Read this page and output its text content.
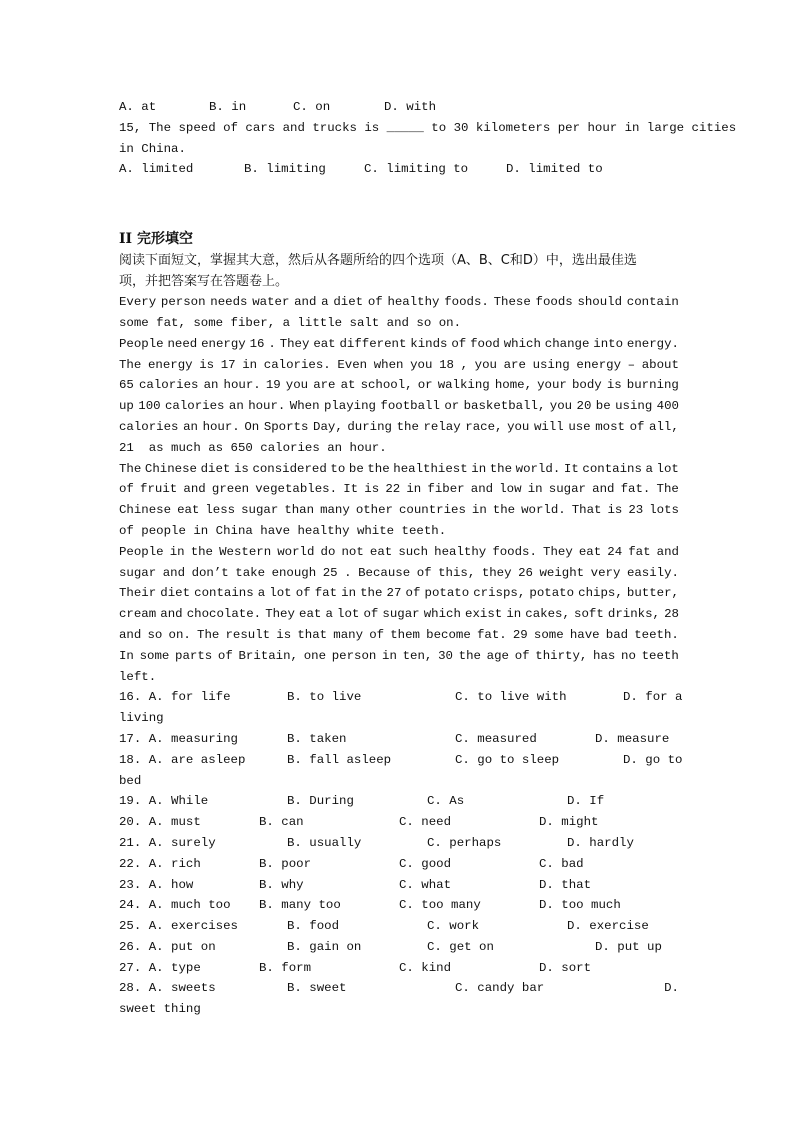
A. at	B. in	C. on	D. with
15, The speed of cars and trucks is _____ to 30 kilometers per hour in large cities
in China.
A. limited	B. limiting	C. limiting to	D. limited to
II 完形填空
阅读下面短文，掌握其大意，然后从各题所给的四个选项（A、B、C和D）中，选出最佳选
项，并把答案写在答题卷上。
Every person needs water and a diet of healthy foods. These foods should contain
some fat, some fiber, a little salt and so on.
People need energy 16 . They eat different kinds of food which change into energy.
The energy is 17 in calories. Even when you 18 , you are using energy – about
65 calories an hour. 19 you are at school, or walking home, your body is burning
up 100 calories an hour. When playing football or basketball, you 20 be using 400
calories an hour. On Sports Day, during the relay race, you will use most of all,
21  as much as 650 calories an hour.
The Chinese diet is considered to be the healthiest in the world. It contains a lot
of fruit and green vegetables. It is 22 in fiber and low in sugar and fat. The
Chinese eat less sugar than many other countries in the world. That is 23 lots
of people in China have healthy white teeth.
People in the Western world do not eat such healthy foods. They eat 24 fat and
sugar and don’t take enough 25 . Because of this, they 26 weight very easily.
Their diet contains a lot of fat in the 27 of potato crisps, potato chips, butter,
cream and chocolate. They eat a lot of sugar which exist in cakes, soft drinks, 28
and so on. The result is that many of them become fat. 29 some have bad teeth.
In some parts of Britain, one person in ten, 30 the age of thirty, has no teeth
left.
16. A. for life	B. to live	C. to live with	D. for a
living
17. A. measuring	B. taken	C. measured	D. measure
18. A. are asleep	B. fall asleep	C. go to sleep	D. go to
bed
19. A. While	B. During	C. As	D. If
20. A. must	B. can	C. need	D. might
21. A. surely	B. usually	C. perhaps	D. hardly
22. A. rich	B. poor	C. good	C. bad
23. A. how	B. why	C. what	D. that
24. A. much too	B. many too	C. too many	D. too much
25. A. exercises	B. food	C. work	D. exercise
26. A. put on	B. gain on	C. get on	D. put up
27. A. type	B. form	C. kind	D. sort
28. A. sweets	B. sweet	C. candy bar	D.
sweet thing
